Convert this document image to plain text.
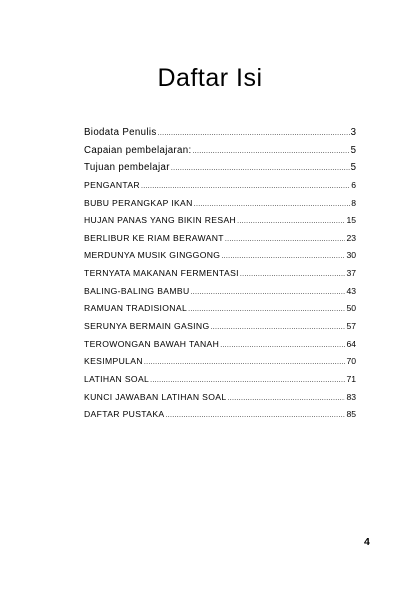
Daftar Isi
Biodata Penulis .....	3
Capaian pembelajaran: .....	5
Tujuan pembelajar .....	5
PENGANTAR .....	6
BUBU PERANGKAP IKAN .....	8
HUJAN PANAS YANG BIKIN RESAH .....	15
BERLIBUR KE RIAM BERAWANT .....	23
MERDUNYA MUSIK GINGGONG .....	30
TERNYATA MAKANAN FERMENTASI .....	37
BALING-BALING BAMBU .....	43
RAMUAN TRADISIONAL .....	50
SERUNYA BERMAIN GASING .....	57
TEROWONGAN BAWAH TANAH .....	64
KESIMPULAN .....	70
LATIHAN SOAL .....	71
KUNCI JAWABAN LATIHAN SOAL .....	83
DAFTAR PUSTAKA .....	85
4
